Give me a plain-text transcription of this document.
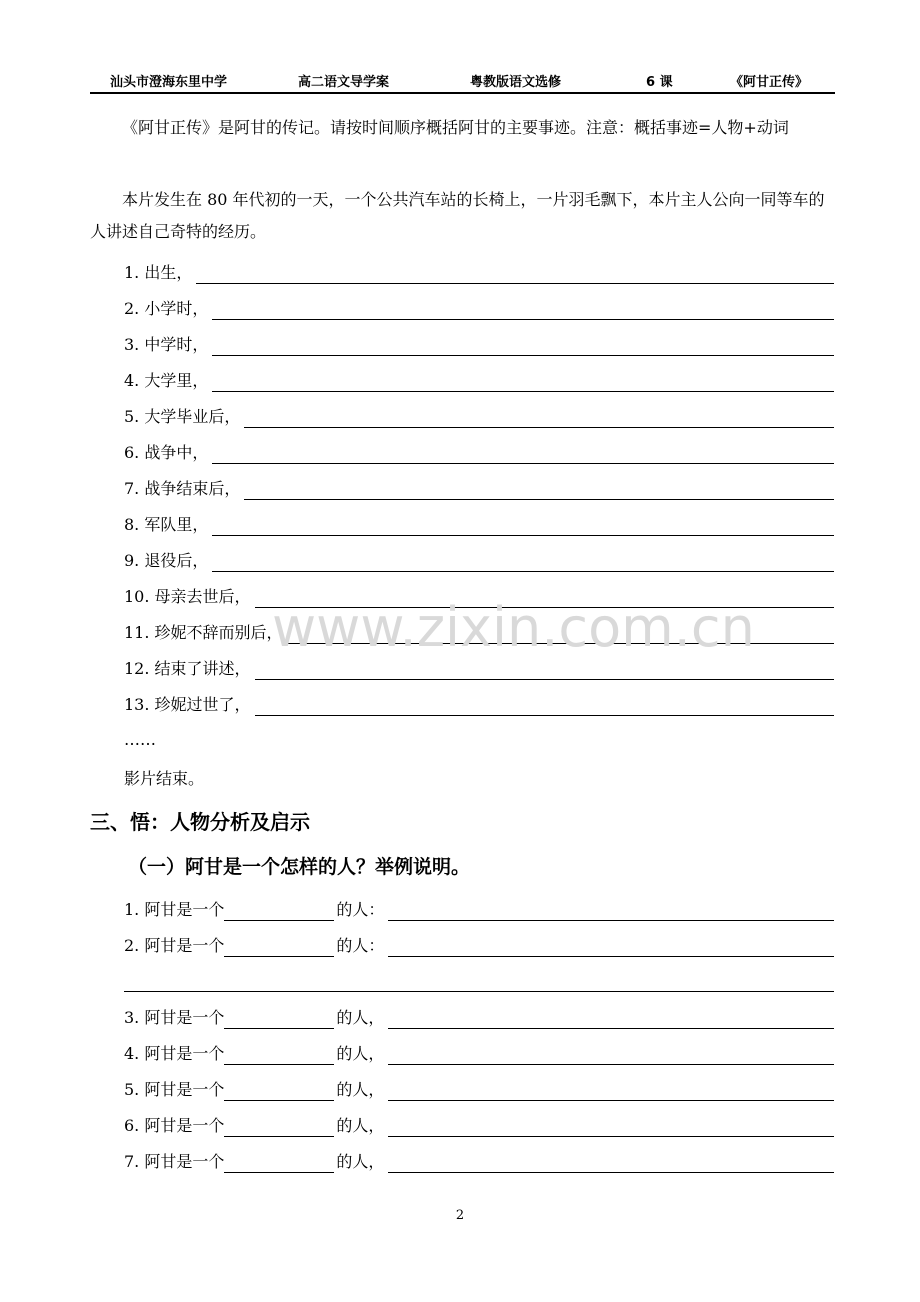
汕头市澄海东里中学	高二语文导学案	粤教版语文选修	6 课	《阿甘正传》

《阿甘正传》是阿甘的传记。请按时间顺序概括阿甘的主要事迹。注意：概括事迹=人物+动词

本片发生在 80 年代初的一天，一个公共汽车站的长椅上，一片羽毛飘下，本片主人公向一同等车的人讲述自己奇特的经历。

1. 出生，
2. 小学时，
3. 中学时，
4. 大学里，
5. 大学毕业后，
6. 战争中，
7. 战争结束后，
8. 军队里，
9. 退役后，
10. 母亲去世后，
11. 珍妮不辞而别后，
12. 结束了讲述，
13. 珍妮过世了，
……
影片结束。
三、悟：人物分析及启示
（一）阿甘是一个怎样的人？举例说明。
1. 阿甘是一个	的人：
2. 阿甘是一个	的人：
3. 阿甘是一个	的人，
4. 阿甘是一个	的人，
5. 阿甘是一个	的人，
6. 阿甘是一个	的人，
7. 阿甘是一个	的人，
www.zixin.com.cn
2
